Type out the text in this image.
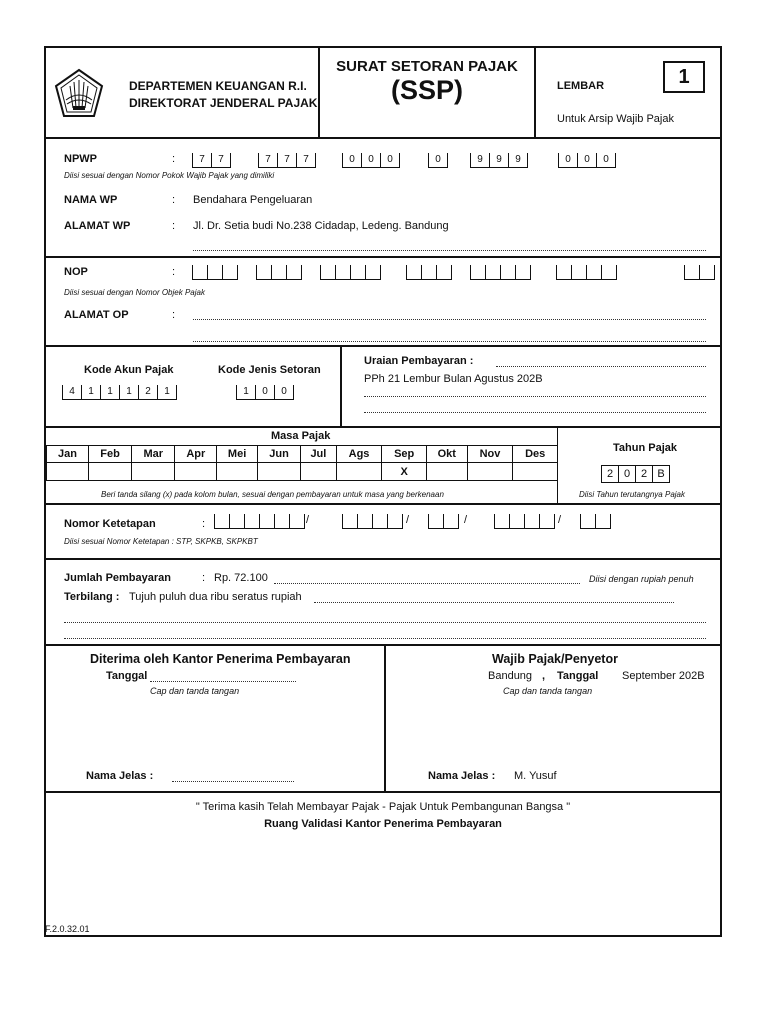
DEPARTEMEN KEUANGAN R.I.
DIREKTORAT JENDERAL PAJAK
SURAT SETORAN PAJAK
(SSP)	LEMBAR	1
Untuk Arsip Wajib Pajak
NPWP	:	7	7	7	7	7	0	0	0	0	9	9	9	0	0	0
Diisi sesuai dengan Nomor Pokok Wajib Pajak yang dimiliki
NAMA WP	: Bendahara Pengeluaran
ALAMAT WP	: Jl. Dr. Setia budi No.238 Cidadap, Ledeng. Bandung
NOP	:
Diisi sesuai dengan Nomor Objek Pajak
ALAMAT OP	:
Kode Akun Pajak
4	1	1	1	2	1
Kode Jenis Setoran
1	0	0
Uraian Pembayaran :
PPh 21 Lembur Bulan Agustus 202B
Masa Pajak
Jan	Feb	Mar	Apr	Mei	Jun	Jul	Ags	Sep	Okt	Nov	Des
								X			
Beri tanda silang (x) pada kolom bulan, sesuai dengan pembayaran untuk masa yang berkenaan
Tahun Pajak
2 0 2 B
Diisi Tahun terutangnya Pajak
Nomor Ketetapan	:	/	/	/	/
Diisi sesuai Nomor Ketetapan : STP, SKPKB, SKPKBT
Jumlah Pembayaran	: Rp. 72.100	Diisi dengan rupiah penuh
Terbilang : Tujuh puluh dua ribu seratus rupiah
Diterima oleh Kantor Penerima Pembayaran
Tanggal
Cap dan tanda tangan
Nama Jelas :
Wajib Pajak/Penyetor
Bandung , Tanggal September 202B
Cap dan tanda tangan
Nama Jelas : M. Yusuf
" Terima kasih Telah Membayar Pajak - Pajak Untuk Pembangunan Bangsa "
Ruang Validasi Kantor Penerima Pembayaran
F.2.0.32.01
